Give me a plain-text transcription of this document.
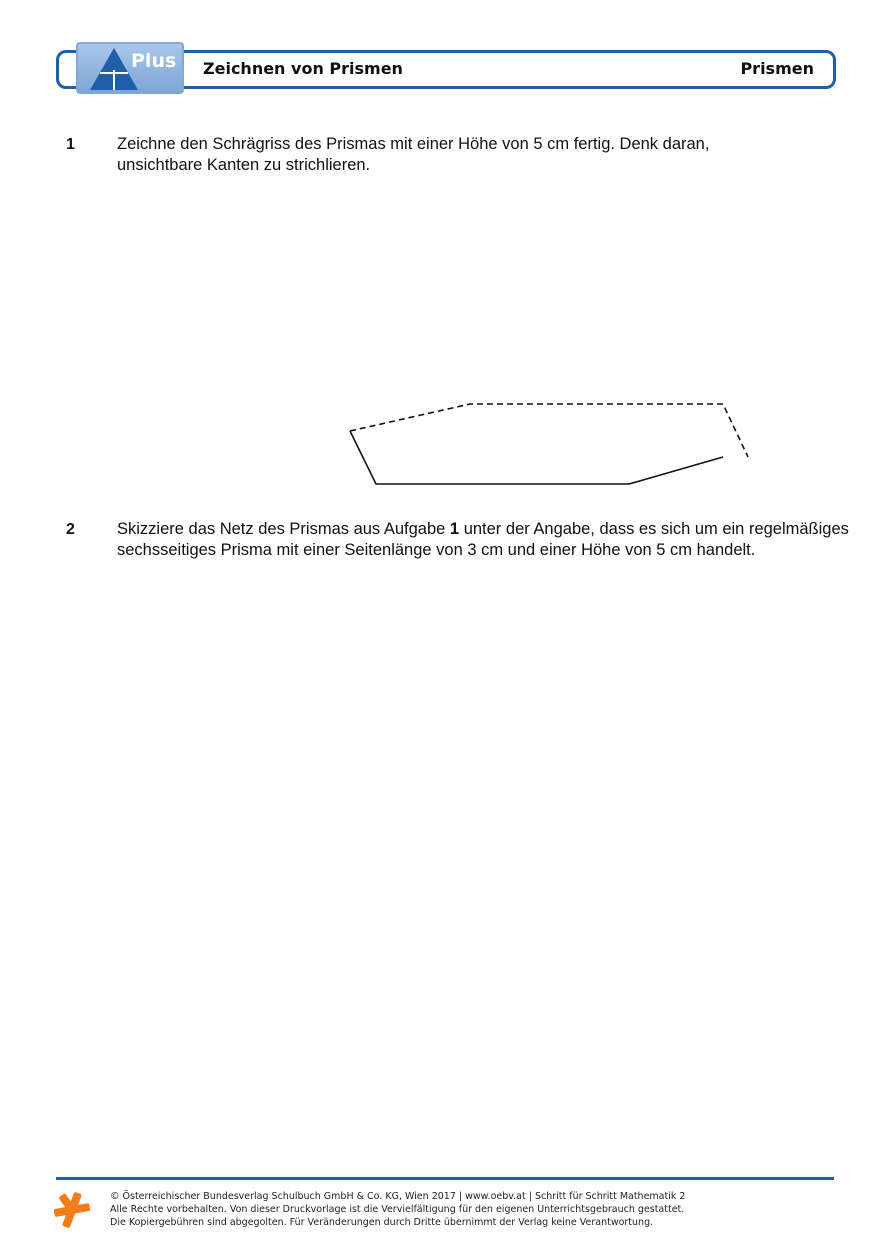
Plus Zeichnen von Prismen	Prismen
1	Zeichne den Schrägriss des Prismas mit einer Höhe von 5 cm fertig. Denk daran, unsichtbare Kanten zu strichlieren.
2	Skizziere das Netz des Prismas aus Aufgabe 1 unter der Angabe, dass es sich um ein regelmäßiges sechsseitiges Prisma mit einer Seitenlänge von 3 cm und einer Höhe von 5 cm handelt.
© Österreichischer Bundesverlag Schulbuch GmbH & Co. KG, Wien 2017 | www.oebv.at | Schritt für Schritt Mathematik 2
Alle Rechte vorbehalten. Von dieser Druckvorlage ist die Vervielfältigung für den eigenen Unterrichtsgebrauch gestattet.
Die Kopiergebühren sind abgegolten. Für Veränderungen durch Dritte übernimmt der Verlag keine Verantwortung.
